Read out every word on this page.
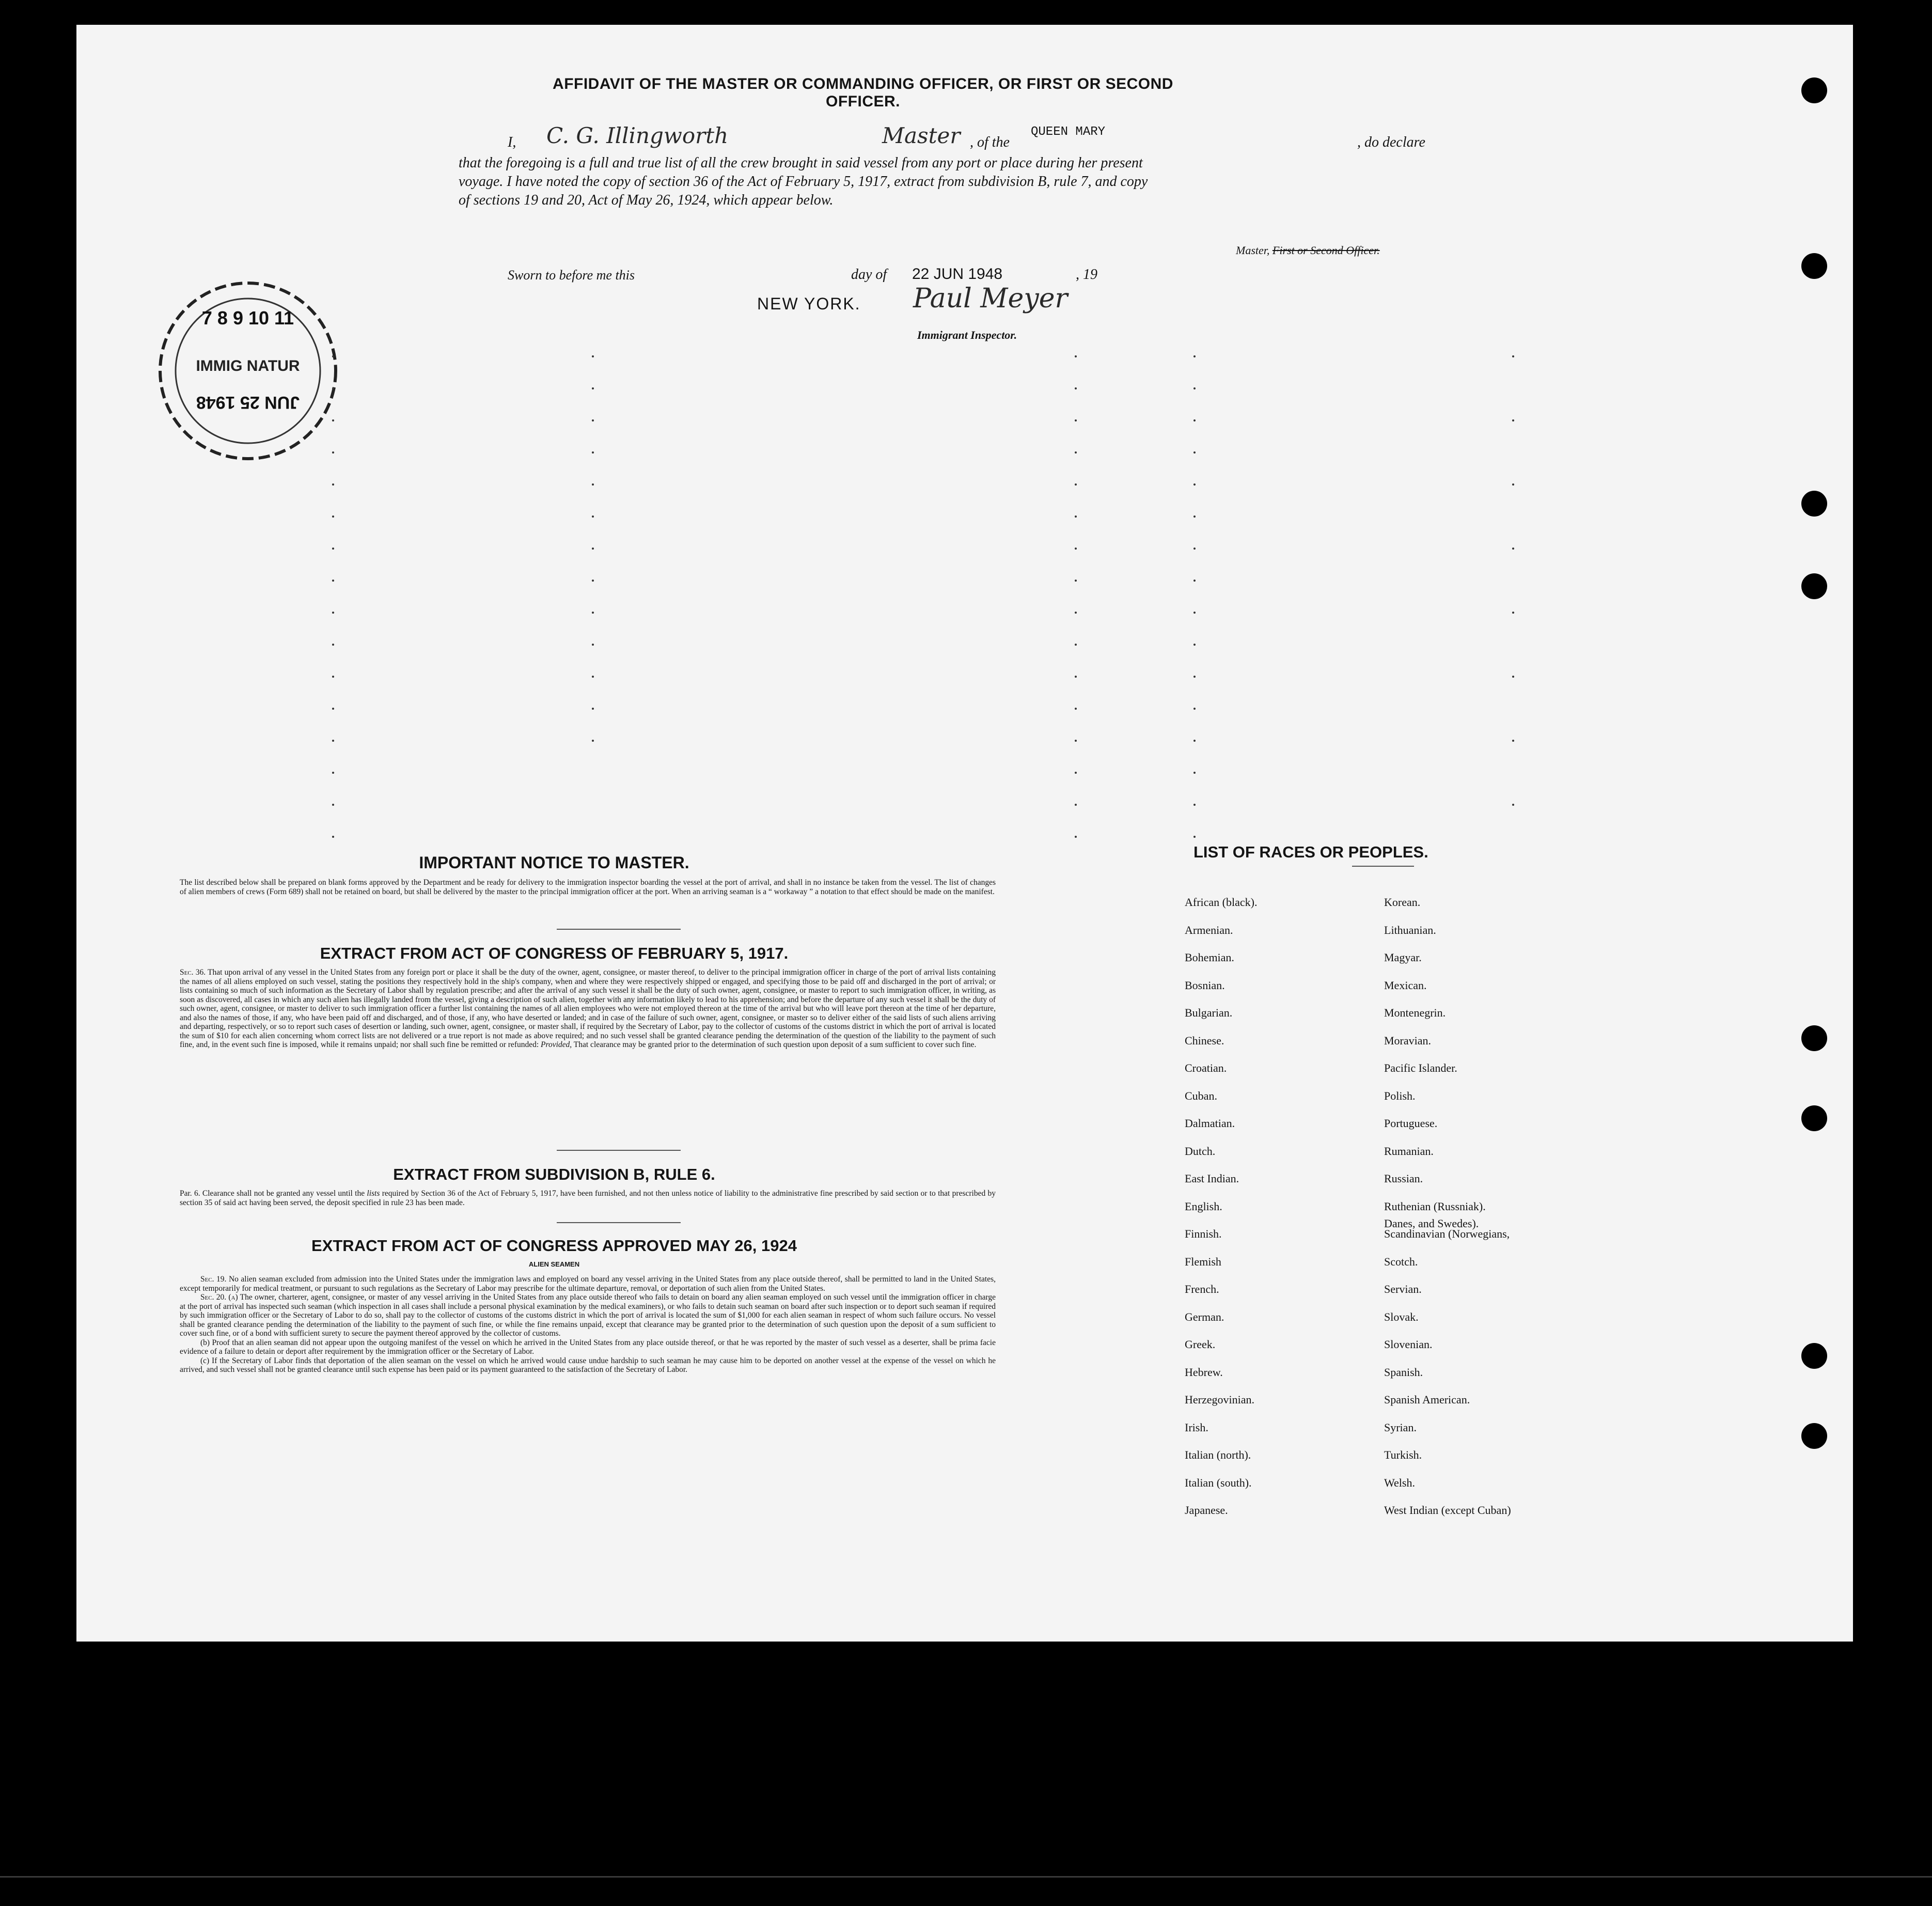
AFFIDAVIT OF THE MASTER OR COMMANDING OFFICER, OR FIRST OR SECOND OFFICER.
I, C. G. Illingworth	Master , of the
QUEEN MARY
, do declare
that the foregoing is a full and true list of all the crew brought in said vessel from any port or place during her present
voyage. I have noted the copy of section 36 of the Act of February 5, 1917, extract from subdivision B, rule 7, and copy
of sections 19 and 20, Act of May 26, 1924, which appear below.
Master, First or Second Officer.
Sworn to before me this	day of 22 JUN 1948	, 19
NEW YORK. Paul Meyer
Immigrant Inspector.
7 8 9 10 11
IMMIG NATUR
JUN 25 1948
IMPORTANT NOTICE TO MASTER.
The list described below shall be prepared on blank forms approved by the Department and be ready for delivery to the immigration inspector boarding the vessel at the port of arrival, and shall in no instance be taken from the vessel. The list of changes of alien members of crews (Form 689) shall not be retained on board, but shall be delivered by the master to the principal immigration officer at the port. When an arriving seaman is a “ workaway ” a notation to that effect should be made on the manifest.
EXTRACT FROM ACT OF CONGRESS OF FEBRUARY 5, 1917.
Sec. 36. That upon arrival of any vessel in the United States from any foreign port or place it shall be the duty of the owner, agent, consignee, or master thereof, to deliver to the principal immigration officer in charge of the port of arrival lists containing the names of all aliens employed on such vessel, stating the positions they respectively hold in the ship's company, when and where they were respectively shipped or engaged, and specifying those to be paid off and discharged in the port of arrival; or lists containing so much of such information as the Secretary of Labor shall by regulation prescribe; and after the arrival of any such vessel it shall be the duty of such owner, agent, consignee, or master to report to such immigration officer, in writing, as soon as discovered, all cases in which any such alien has illegally landed from the vessel, giving a description of such alien, together with any information likely to lead to his apprehension; and before the departure of any such vessel it shall be the duty of such owner, agent, consignee, or master to deliver to such immigration officer a further list containing the names of all alien employees who were not employed thereon at the time of the arrival but who will leave port thereon at the time of her departure, and also the names of those, if any, who have been paid off and discharged, and of those, if any, who have deserted or landed; and in case of the failure of such owner, agent, consignee, or master so to deliver either of the said lists of such aliens arriving and departing, respectively, or so to report such cases of desertion or landing, such owner, agent, consignee, or master shall, if required by the Secretary of Labor, pay to the collector of customs of the customs district in which the port of arrival is located the sum of $10 for each alien concerning whom correct lists are not delivered or a true report is not made as above required; and no such vessel shall be granted clearance pending the determination of the question of the liability to the payment of such fine, and, in the event such fine is imposed, while it remains unpaid; nor shall such fine be remitted or refunded: Provided, That clearance may be granted prior to the determination of such question upon deposit of a sum sufficient to cover such fine.
EXTRACT FROM SUBDIVISION B, RULE 6.
Par. 6. Clearance shall not be granted any vessel until the lists required by Section 36 of the Act of February 5, 1917, have been furnished, and not then unless notice of liability to the administrative fine prescribed by said section or to that prescribed by section 35 of said act having been served, the deposit specified in rule 23 has been made.
EXTRACT FROM ACT OF CONGRESS APPROVED MAY 26, 1924
ALIEN SEAMEN

Sec. 19. No alien seaman excluded from admission into the United States under the immigration laws and employed on board any vessel arriving in the United States from any place outside thereof, shall be permitted to land in the United States, except temporarily for medical treatment, or pursuant to such regulations as the Secretary of Labor may prescribe for the ultimate departure, removal, or deportation of such alien from the United States.

Sec. 20. (a) The owner, charterer, agent, consignee, or master of any vessel arriving in the United States from any place outside thereof who fails to detain on board any alien seaman employed on such vessel until the immigration officer in charge at the port of arrival has inspected such seaman (which inspection in all cases shall include a personal physical examination by the medical examiners), or who fails to detain such seaman on board after such inspection or to deport such seaman if required by such immigration officer or the Secretary of Labor to do so, shall pay to the collector of customs of the customs district in which the port of arrival is located the sum of $1,000 for each alien seaman in respect of whom such failure occurs. No vessel shall be granted clearance pending the determination of the liability to the payment of such fine, or while the fine remains unpaid, except that clearance may be granted prior to the determination of such question upon the deposit of a sum sufficient to cover such fine, or of a bond with sufficient surety to secure the payment thereof approved by the collector of customs.

(b) Proof that an alien seaman did not appear upon the outgoing manifest of the vessel on which he arrived in the United States from any place outside thereof, or that he was reported by the master of such vessel as a deserter, shall be prima facie evidence of a failure to detain or deport after requirement by the immigration officer or the Secretary of Labor.

(c) If the Secretary of Labor finds that deportation of the alien seaman on the vessel on which he arrived would cause undue hardship to such seaman he may cause him to be deported on another vessel at the expense of the vessel on which he arrived, and such vessel shall not be granted clearance until such expense has been paid or its payment guaranteed to the satisfaction of the Secretary of Labor.

LIST OF RACES OR PEOPLES.
African (black).
Armenian.
Bohemian.
Bosnian.
Bulgarian.
Chinese.
Croatian.
Cuban.
Dalmatian.
Dutch.
East Indian.
English.
Finnish.
Flemish
French.
German.
Greek.
Hebrew.
Herzegovinian.
Irish.
Italian (north).
Italian (south).
Japanese.
Korean.
Lithuanian.
Magyar.
Mexican.
Montenegrin.
Moravian.
Pacific Islander.
Polish.
Portuguese.
Rumanian.
Russian.
Ruthenian (Russniak).
Scandinavian (Norwegians,
Scotch.
Servian.
Slovak.
Slovenian.
Spanish.
Spanish American.
Syrian.
Turkish.
Welsh.
West Indian (except Cuban)
Danes, and Swedes).
